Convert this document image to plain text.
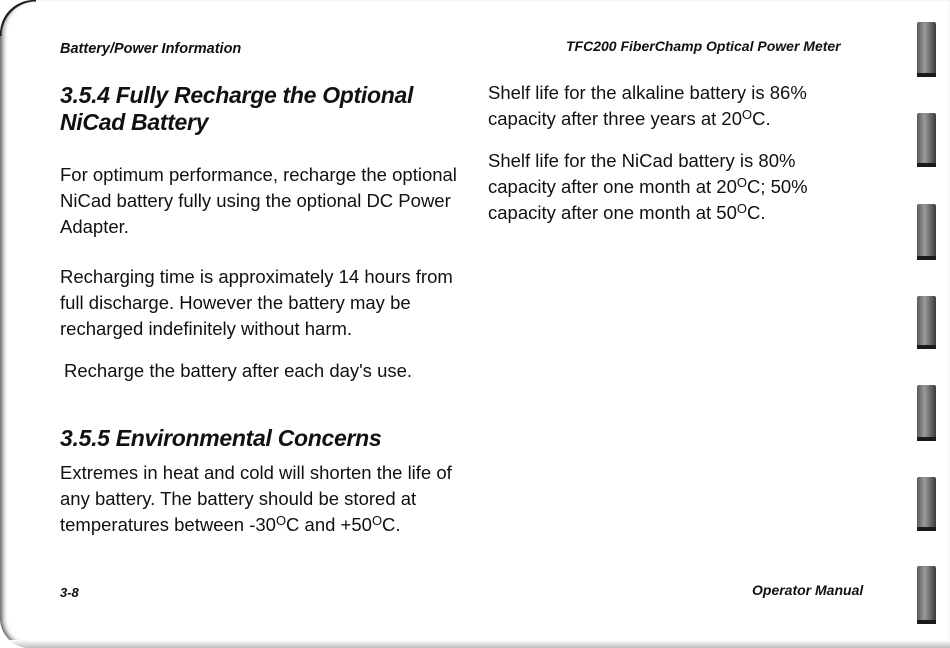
Battery/Power Information	TFC200 FiberChamp Optical Power Meter
3.5.4 Fully Recharge the Optional
NiCad Battery

For optimum performance, recharge the optional NiCad battery fully using the optional DC Power Adapter.

Recharging time is approximately 14 hours from full discharge. However the battery may be recharged indefinitely without harm.

Recharge the battery after each day's use.

3.5.5 Environmental Concerns

Extremes in heat and cold will shorten the life of any battery. The battery should be stored at temperatures between $-30^OC$ and $+50^OC$.

Shelf life for the alkaline battery is 86% capacity after three years at $20^OC$.

Shelf life for the NiCad battery is 80% capacity after one month at $20^OC$; 50% capacity after one month at $50^OC$.

3-8	Operator Manual
